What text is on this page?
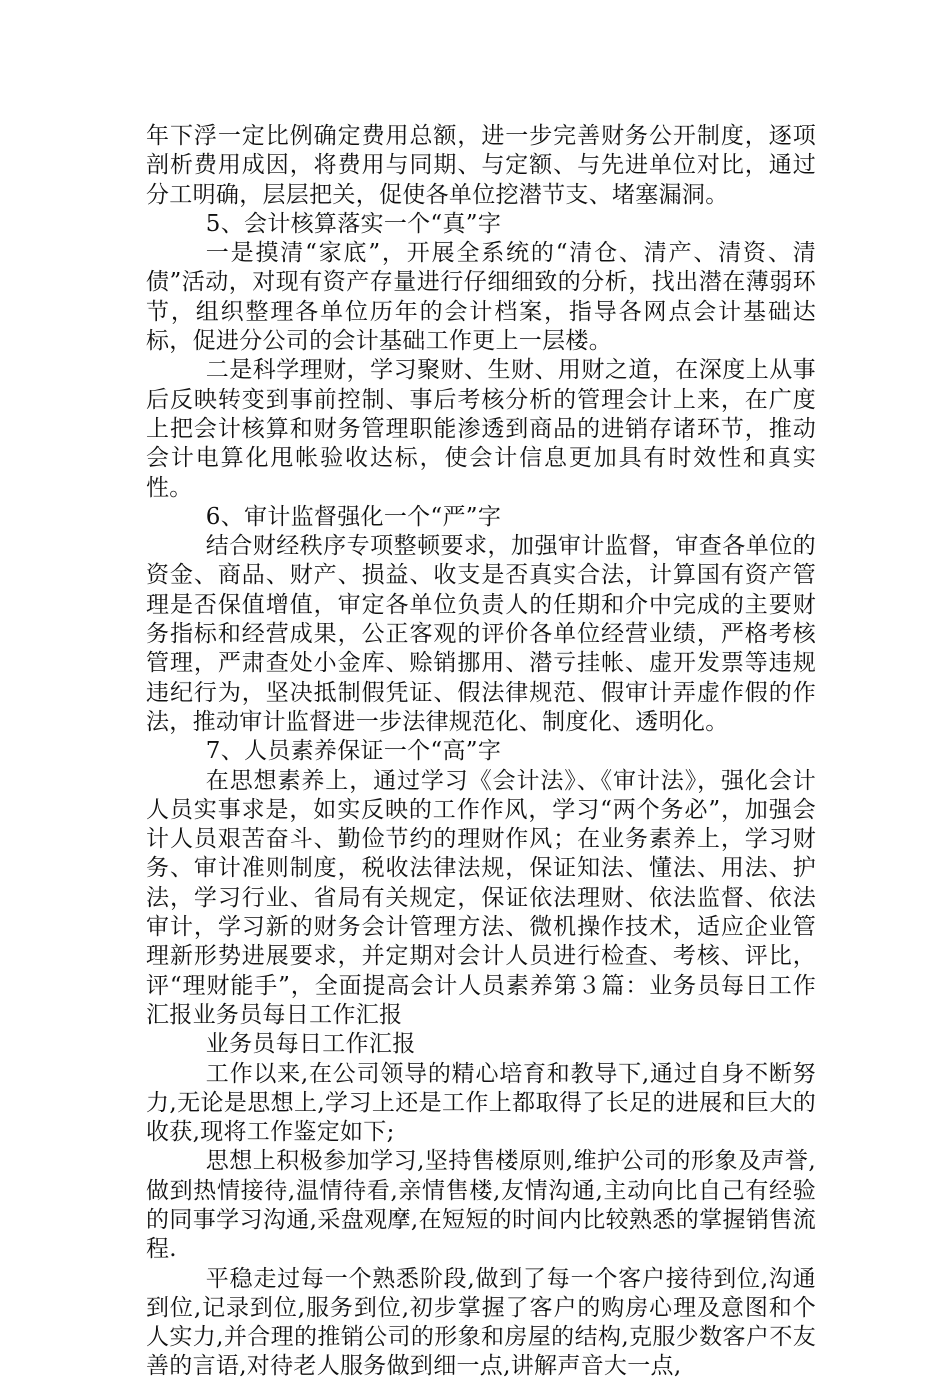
年下浮一定比例确定费用总额，进一步完善财务公开制度，逐项剖析费用成因，将费用与同期、与定额、与先进单位对比，通过分工明确，层层把关，促使各单位挖潜节支、堵塞漏洞。

5、会计核算落实一个“真”字

一是摸清“家底”，开展全系统的“清仓、清产、清资、清债”活动，对现有资产存量进行仔细细致的分析，找出潜在薄弱环节，组织整理各单位历年的会计档案，指导各网点会计基础达标，促进分公司的会计基础工作更上一层楼。

二是科学理财，学习聚财、生财、用财之道，在深度上从事后反映转变到事前控制、事后考核分析的管理会计上来，在广度上把会计核算和财务管理职能渗透到商品的进销存诸环节，推动会计电算化甩帐验收达标，使会计信息更加具有时效性和真实性。

6、审计监督强化一个“严”字

结合财经秩序专项整顿要求，加强审计监督，审查各单位的资金、商品、财产、损益、收支是否真实合法，计算国有资产管理是否保值增值，审定各单位负责人的任期和介中完成的主要财务指标和经营成果，公正客观的评价各单位经营业绩，严格考核管理，严肃查处小金库、赊销挪用、潜亏挂帐、虚开发票等违规违纪行为，坚决抵制假凭证、假法律规范、假审计弄虚作假的作法，推动审计监督进一步法律规范化、制度化、透明化。

7、人员素养保证一个“高”字

在思想素养上，通过学习《会计法》、《审计法》，强化会计人员实事求是，如实反映的工作作风，学习“两个务必”，加强会计人员艰苦奋斗、勤俭节约的理财作风；在业务素养上，学习财务、审计准则制度，税收法律法规，保证知法、懂法、用法、护法，学习行业、省局有关规定，保证依法理财、依法监督、依法审计，学习新的财务会计管理方法、微机操作技术，适应企业管理新形势进展要求，并定期对会计人员进行检查、考核、评比，评“理财能手”，全面提高会计人员素养第３篇：业务员每日工作汇报业务员每日工作汇报

业务员每日工作汇报

工作以来,在公司领导的精心培育和教导下,通过自身不断努力,无论是思想上,学习上还是工作上都取得了长足的进展和巨大的收获,现将工作鉴定如下;

思想上积极参加学习,坚持售楼原则,维护公司的形象及声誉,做到热情接待,温情待看,亲情售楼,友情沟通,主动向比自己有经验的同事学习沟通,采盘观摩,在短短的时间内比较熟悉的掌握销售流程.

平稳走过每一个熟悉阶段,做到了每一个客户接待到位,沟通到位,记录到位,服务到位,初步掌握了客户的购房心理及意图和个人实力,并合理的推销公司的形象和房屋的结构,克服少数客户不友善的言语,对待老人服务做到细一点,讲解声音大一点,
